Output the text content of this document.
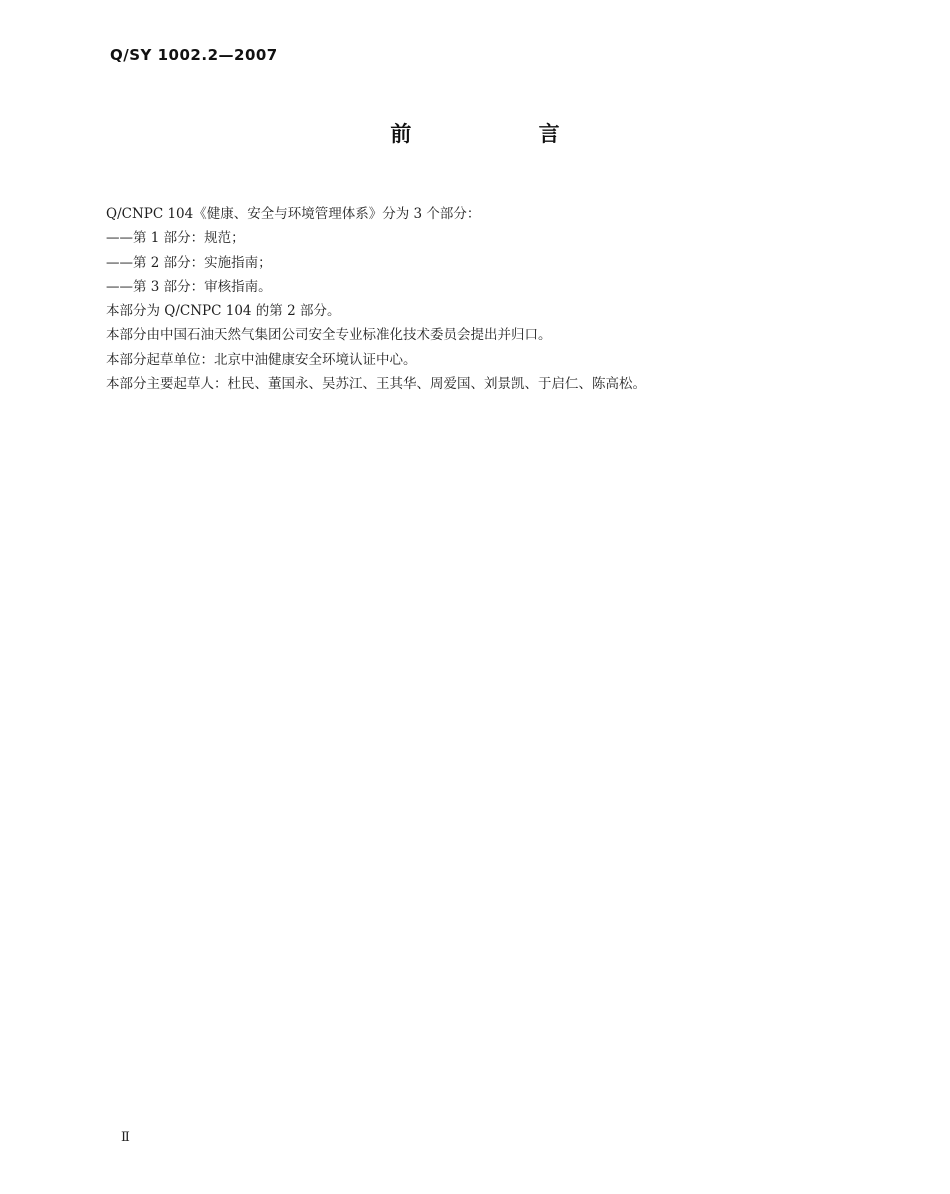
Q/SY 1002.2—2007
前 言
Q/CNPC 104《健康、安全与环境管理体系》分为 3 个部分：
——第 1 部分：规范；
——第 2 部分：实施指南；
——第 3 部分：审核指南。
本部分为 Q/CNPC 104 的第 2 部分。
本部分由中国石油天然气集团公司安全专业标准化技术委员会提出并归口。
本部分起草单位：北京中油健康安全环境认证中心。
本部分主要起草人：杜民、董国永、吴苏江、王其华、周爱国、刘景凯、于启仁、陈高松。
Ⅱ
